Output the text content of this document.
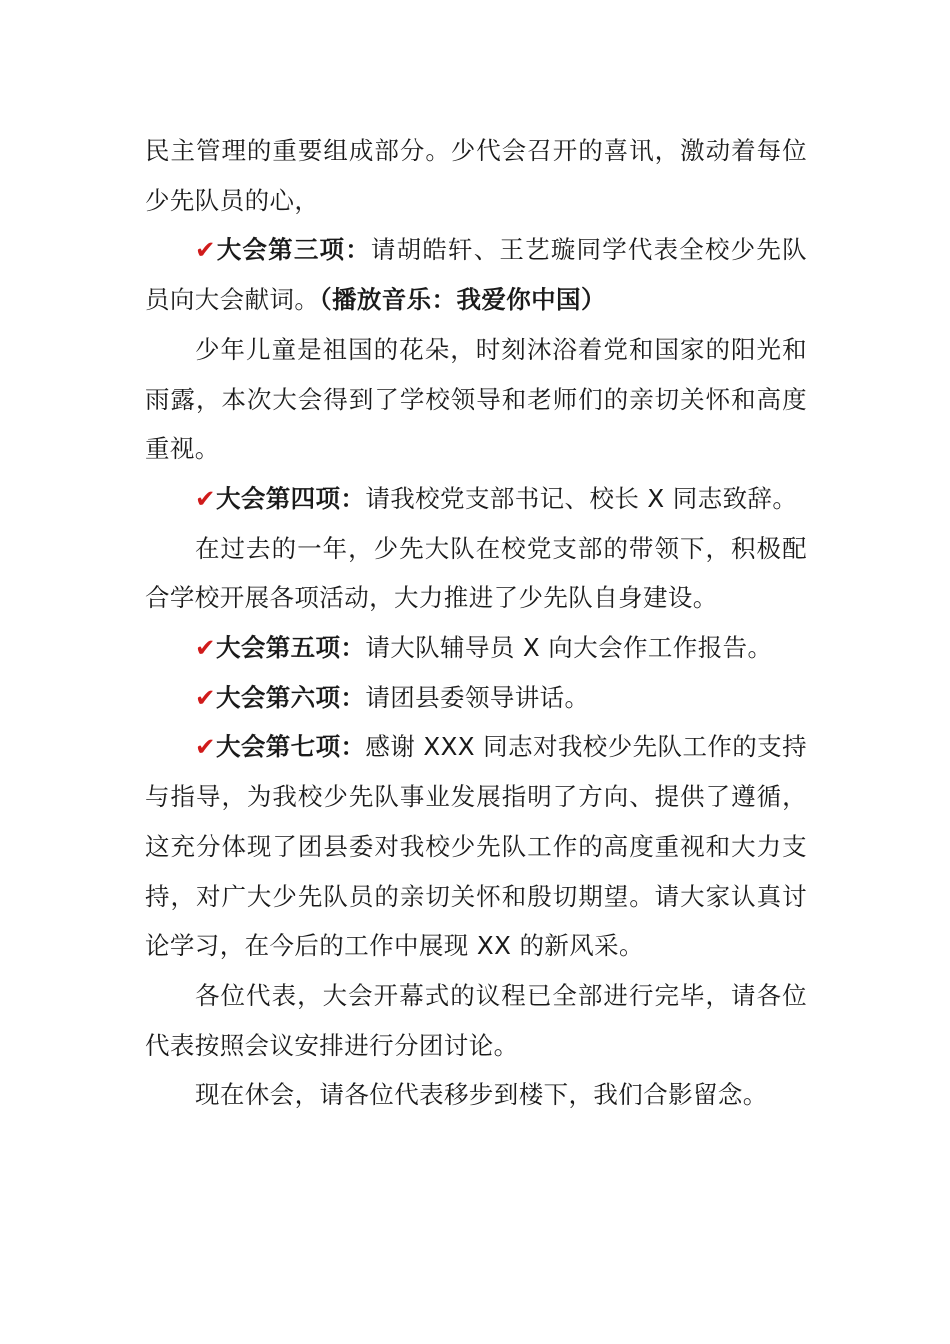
民主管理的重要组成部分。少代会召开的喜讯，激动着每位少先队员的心，

✔大会第三项：请胡皓轩、王艺璇同学代表全校少先队员向大会献词。（播放音乐：我爱你中国）

少年儿童是祖国的花朵，时刻沐浴着党和国家的阳光和雨露，本次大会得到了学校领导和老师们的亲切关怀和高度重视。

✔大会第四项：请我校党支部书记、校长 X 同志致辞。

在过去的一年，少先大队在校党支部的带领下，积极配合学校开展各项活动，大力推进了少先队自身建设。

✔大会第五项：请大队辅导员 X 向大会作工作报告。

✔大会第六项：请团县委领导讲话。

✔大会第七项：感谢 XXX 同志对我校少先队工作的支持与指导，为我校少先队事业发展指明了方向、提供了遵循，这充分体现了团县委对我校少先队工作的高度重视和大力支持，对广大少先队员的亲切关怀和殷切期望。请大家认真讨论学习，在今后的工作中展现 XX 的新风采。

各位代表，大会开幕式的议程已全部进行完毕，请各位代表按照会议安排进行分团讨论。

现在休会，请各位代表移步到楼下，我们合影留念。
